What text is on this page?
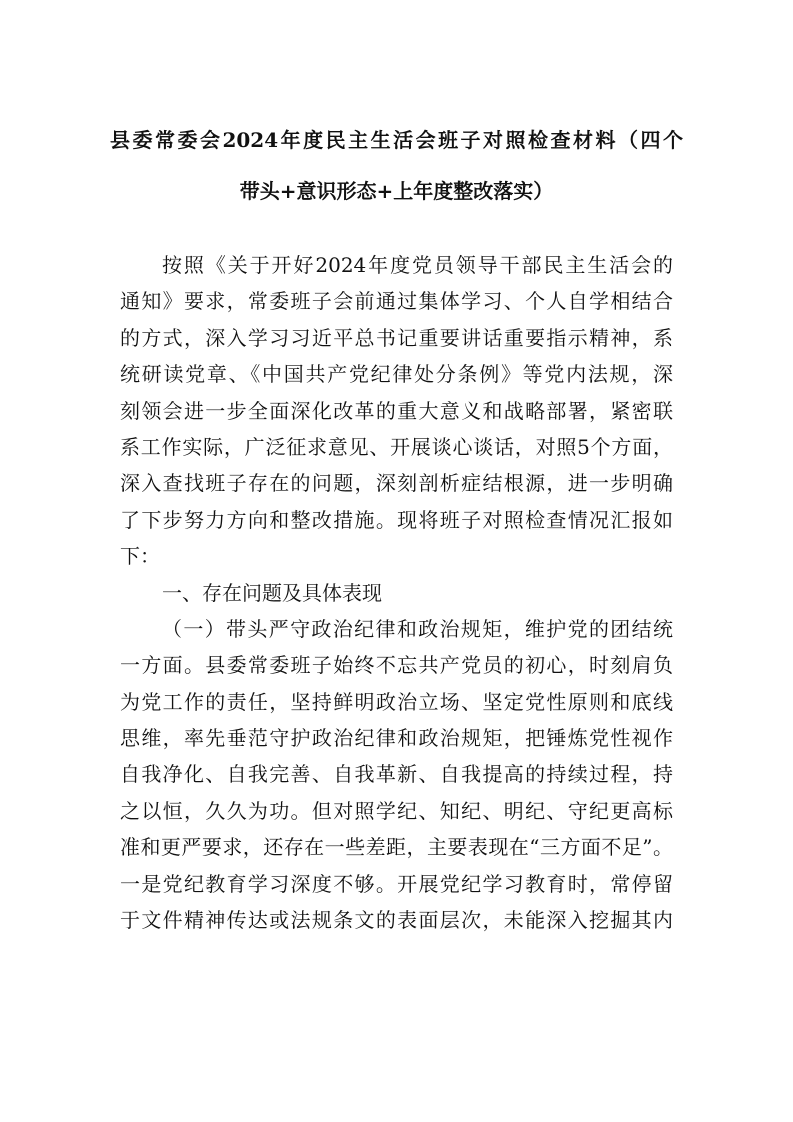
县委常委会2024年度民主生活会班子对照检查材料（四个
带头+意识形态+上年度整改落实）
按照《关于开好2024年度党员领导干部民主生活会的
通知》要求，常委班子会前通过集体学习、个人自学相结合
的方式，深入学习习近平总书记重要讲话重要指示精神，系
统研读党章、《中国共产党纪律处分条例》等党内法规，深
刻领会进一步全面深化改革的重大意义和战略部署，紧密联
系工作实际，广泛征求意见、开展谈心谈话，对照5个方面，
深入查找班子存在的问题，深刻剖析症结根源，进一步明确
了下步努力方向和整改措施。现将班子对照检查情况汇报如
下：
一、存在问题及具体表现
（一）带头严守政治纪律和政治规矩，维护党的团结统
一方面。县委常委班子始终不忘共产党员的初心，时刻肩负
为党工作的责任，坚持鲜明政治立场、坚定党性原则和底线
思维，率先垂范守护政治纪律和政治规矩，把锤炼党性视作
自我净化、自我完善、自我革新、自我提高的持续过程，持
之以恒，久久为功。但对照学纪、知纪、明纪、守纪更高标
准和更严要求，还存在一些差距，主要表现在“三方面不足”。
一是党纪教育学习深度不够。开展党纪学习教育时，常停留
于文件精神传达或法规条文的表面层次，未能深入挖掘其内
